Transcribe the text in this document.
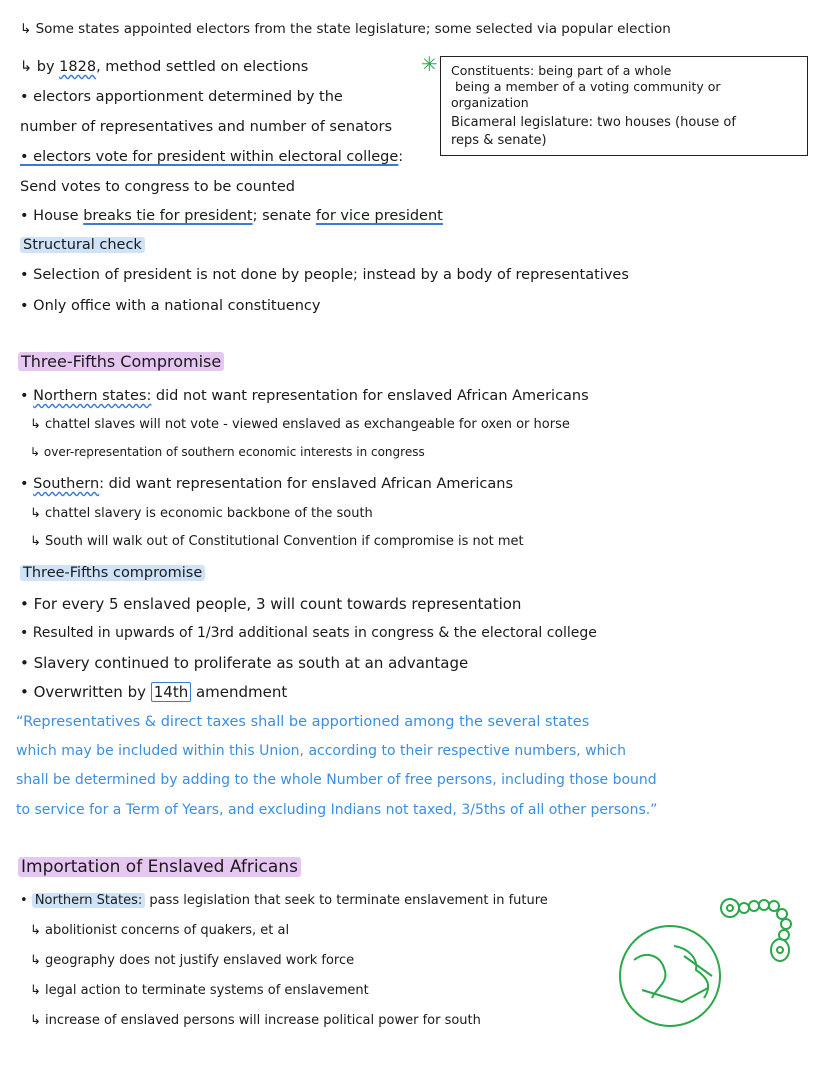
↳ Some states appointed electors from the state legislature; some selected via popular election
↳ by 1828, method settled on elections
• electors apportionment determined by the
number of representatives and number of senators
• electors vote for president within electoral college:
Send votes to congress to be counted
• House breaks tie for president; senate for vice president
✳ Constituents: being part of a whole
being a member of a voting community or
organization
Bicameral legislature: two houses (house of
reps & senate)
Structural check
• Selection of president is not done by people; instead by a body of representatives
• Only office with a national constituency
Three-Fifths Compromise
• Northern states: did not want representation for enslaved African Americans
↳ chattel slaves will not vote - viewed enslaved as exchangeable for oxen or horse
↳ over-representation of southern economic interests in congress
• Southern: did want representation for enslaved African Americans
↳ chattel slavery is economic backbone of the south
↳ South will walk out of Constitutional Convention if compromise is not met
Three-Fifths compromise
• For every 5 enslaved people, 3 will count towards representation
• Resulted in upwards of 1/3rd additional seats in congress & the electoral college
• Slavery continued to proliferate as south at an advantage
• Overwritten by 14th amendment
“Representatives & direct taxes shall be apportioned among the several states
which may be included within this Union, according to their respective numbers, which
shall be determined by adding to the whole Number of free persons, including those bound
to service for a Term of Years, and excluding Indians not taxed, 3/5ths of all other persons.”
Importation of Enslaved Africans
• Northern States: pass legislation that seek to terminate enslavement in future
↳ abolitionist concerns of quakers, et al
↳ geography does not justify enslaved work force
↳ legal action to terminate systems of enslavement
↳ increase of enslaved persons will increase political power for south
